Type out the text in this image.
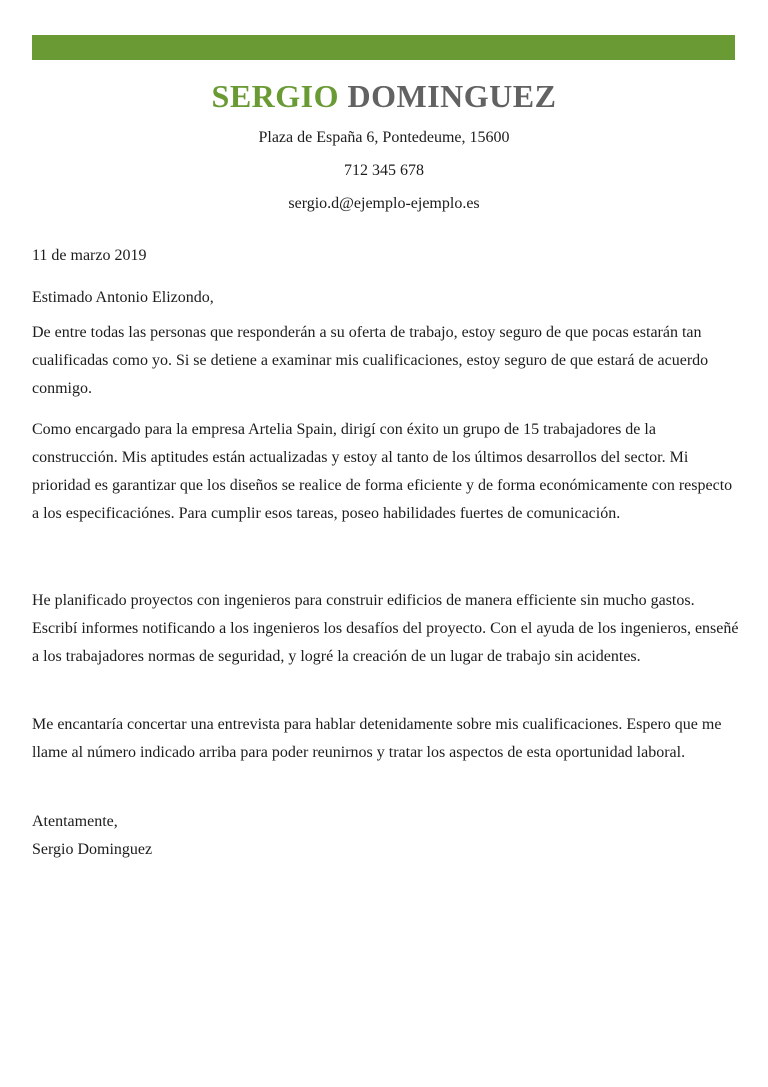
SERGIO DOMINGUEZ
Plaza de España 6, Pontedeume, 15600
712 345 678
sergio.d@ejemplo-ejemplo.es

11 de marzo 2019

Estimado Antonio Elizondo,

De entre todas las personas que responderán a su oferta de trabajo, estoy seguro de que pocas estarán tan cualificadas como yo. Si se detiene a examinar mis cualificaciones, estoy seguro de que estará de acuerdo conmigo.

Como encargado para la empresa Artelia Spain, dirigí con éxito un grupo de 15 trabajadores de la construcción. Mis aptitudes están actualizadas y estoy al tanto de los últimos desarrollos del sector. Mi prioridad es garantizar que los diseños se realice de forma eficiente y de forma económicamente con respecto a los especificaciónes. Para cumplir esos tareas, poseo habilidades fuertes de comunicación.

He planificado proyectos con ingenieros para construir edificios de manera efficiente sin mucho gastos. Escribí informes notificando a los ingenieros los desafíos del proyecto. Con el ayuda de los ingenieros, enseñé a los trabajadores normas de seguridad, y logré la creación de un lugar de trabajo sin acidentes.

Me encantaría concertar una entrevista para hablar detenidamente sobre mis cualificaciones. Espero que me llame al número indicado arriba para poder reunirnos y tratar los aspectos de esta oportunidad laboral.

Atentamente,

Sergio Dominguez
